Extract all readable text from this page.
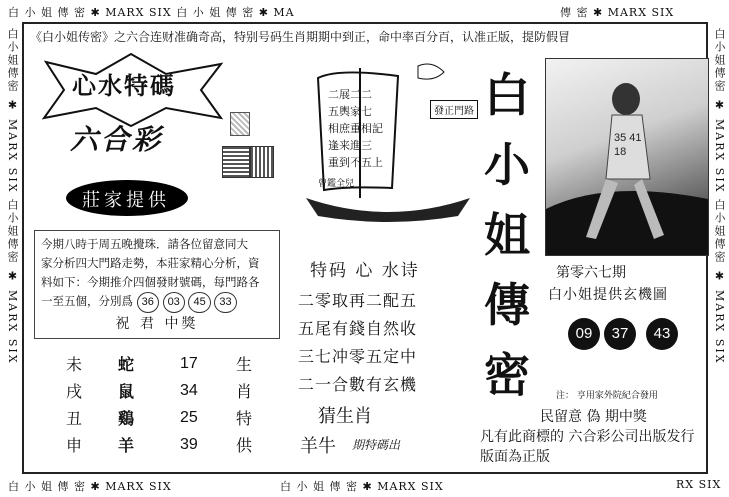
白 小 姐 傳 密 ✱ MARX SIX 白 小 姐 傳 密 ✱ MA	傳 密 ✱ MARX SIX
白 小 姐 傳 密 ✱ MARX SIX	白 小 姐 傳 密 ✱ MARX SIX	RX SIX
白小姐傳密 ✱ MARX SIX 白小姐傳密 ✱ MARX SIX	白小姐傳密 ✱ MARX SIX 白小姐傳密 ✱ MARX SIX
《白小姐传密》之六合连财准确奇高，特别号码生肖期期中到正，命中率百分百，认准正版，提防假冒
心水特碼
六合彩
莊家提供
今期八時于周五晚攪珠．請各位留意同大
家分析四大門路走勢，本莊家精心分析，資
料如下：今期推介四個發財號碼，每門路各
一至五個，分別爲 36 03 45 33
祝 君 中獎
未	蛇	17	生
戌	鼠	34	肖
丑	鷄	25	特
申	羊	39	供
二展二二
五輿家七
相庶重相記
逢来進三
重到不五上
發正門路
曾鑑全兒
特码 心 水诗
二零取再二配五
五尾有錢自然收
三七冲零五定中
二一合數有玄機
猜生肖
羊牛 期特碼出
白
小
姐
傳
密
35 41
18
第零六七期
白小姐提供玄機圖
09	37	43
注： 亨用家外院紀合發用
民留意 偽 期中獎
凡有此商標的 六合彩公司出版发行
版面為正版
